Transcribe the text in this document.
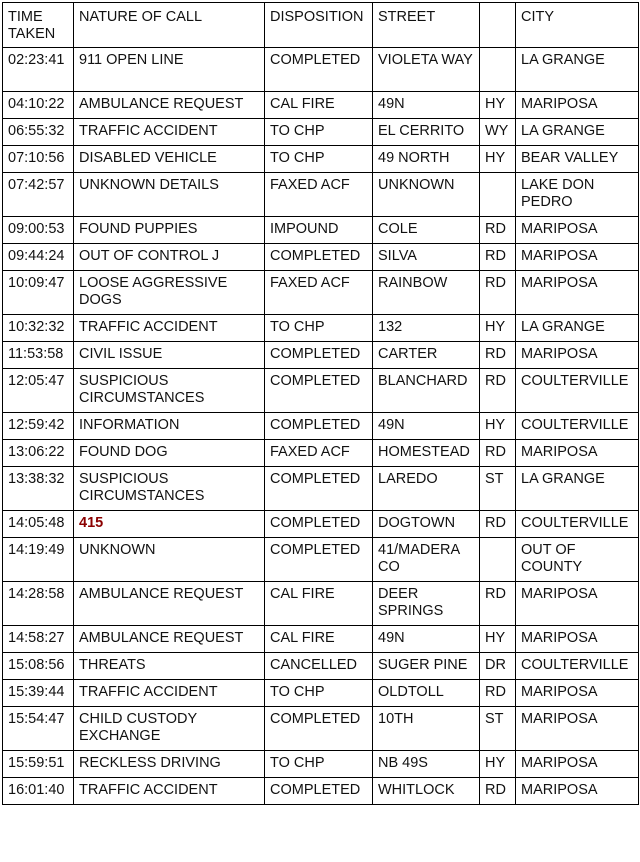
TIME TAKEN	NATURE OF CALL	DISPOSITION	STREET		CITY
02:23:41	911 OPEN LINE	COMPLETED	VIOLETA WAY		LA GRANGE
04:10:22	AMBULANCE REQUEST	CAL FIRE	49N	HY	MARIPOSA
06:55:32	TRAFFIC ACCIDENT	TO CHP	EL CERRITO	WY	LA GRANGE
07:10:56	DISABLED VEHICLE	TO CHP	49 NORTH	HY	BEAR VALLEY
07:42:57	UNKNOWN DETAILS	FAXED ACF	UNKNOWN		LAKE DON PEDRO
09:00:53	FOUND PUPPIES	IMPOUND	COLE	RD	MARIPOSA
09:44:24	OUT OF CONTROL J	COMPLETED	SILVA	RD	MARIPOSA
10:09:47	LOOSE AGGRESSIVE DOGS	FAXED ACF	RAINBOW	RD	MARIPOSA
10:32:32	TRAFFIC ACCIDENT	TO CHP	132	HY	LA GRANGE
11:53:58	CIVIL ISSUE	COMPLETED	CARTER	RD	MARIPOSA
12:05:47	SUSPICIOUS CIRCUMSTANCES	COMPLETED	BLANCHARD	RD	COULTERVILLE
12:59:42	INFORMATION	COMPLETED	49N	HY	COULTERVILLE
13:06:22	FOUND DOG	FAXED ACF	HOMESTEAD	RD	MARIPOSA
13:38:32	SUSPICIOUS CIRCUMSTANCES	COMPLETED	LAREDO	ST	LA GRANGE
14:05:48	415	COMPLETED	DOGTOWN	RD	COULTERVILLE
14:19:49	UNKNOWN	COMPLETED	41/MADERA CO		OUT OF COUNTY
14:28:58	AMBULANCE REQUEST	CAL FIRE	DEER SPRINGS	RD	MARIPOSA
14:58:27	AMBULANCE REQUEST	CAL FIRE	49N	HY	MARIPOSA
15:08:56	THREATS	CANCELLED	SUGER PINE	DR	COULTERVILLE
15:39:44	TRAFFIC ACCIDENT	TO CHP	OLDTOLL	RD	MARIPOSA
15:54:47	CHILD CUSTODY EXCHANGE	COMPLETED	10TH	ST	MARIPOSA
15:59:51	RECKLESS DRIVING	TO CHP	NB 49S	HY	MARIPOSA
16:01:40	TRAFFIC ACCIDENT	COMPLETED	WHITLOCK	RD	MARIPOSA
